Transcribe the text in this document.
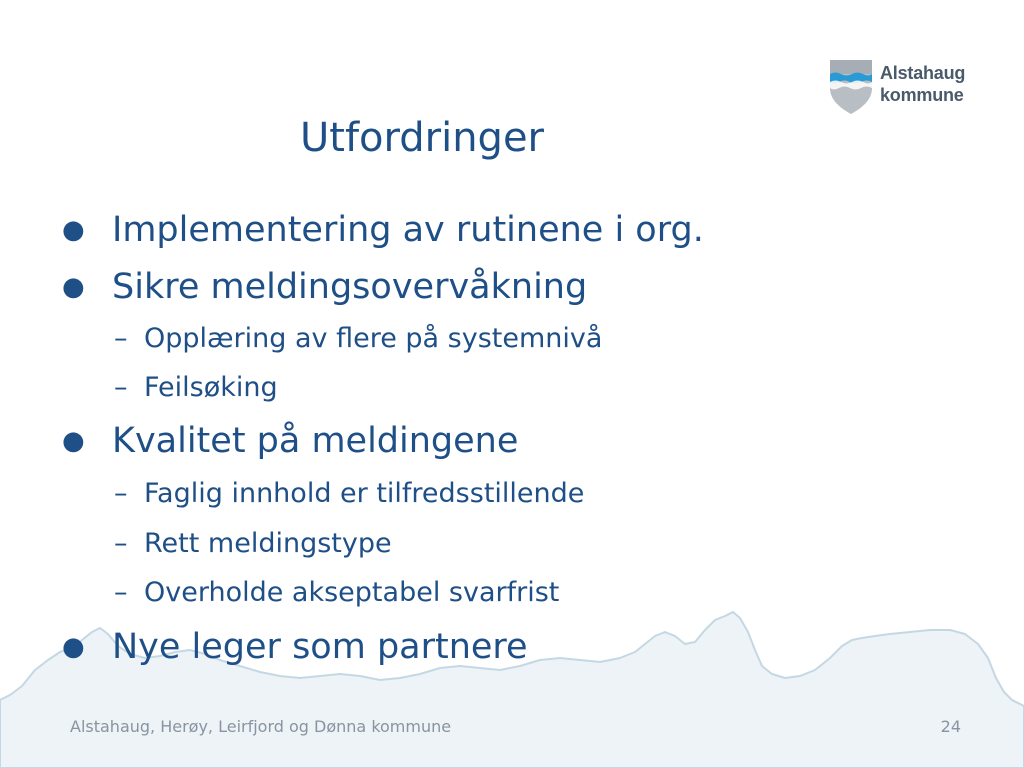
Alstahaug
kommune
Utfordringer
● Implementering av rutinene i org.
● Sikre meldingsovervåkning
– Opplæring av flere på systemnivå
– Feilsøking
● Kvalitet på meldingene
– Faglig innhold er tilfredsstillende
– Rett meldingstype
– Overholde akseptabel svarfrist
● Nye leger som partnere
Alstahaug, Herøy, Leirfjord og Dønna kommune	24
